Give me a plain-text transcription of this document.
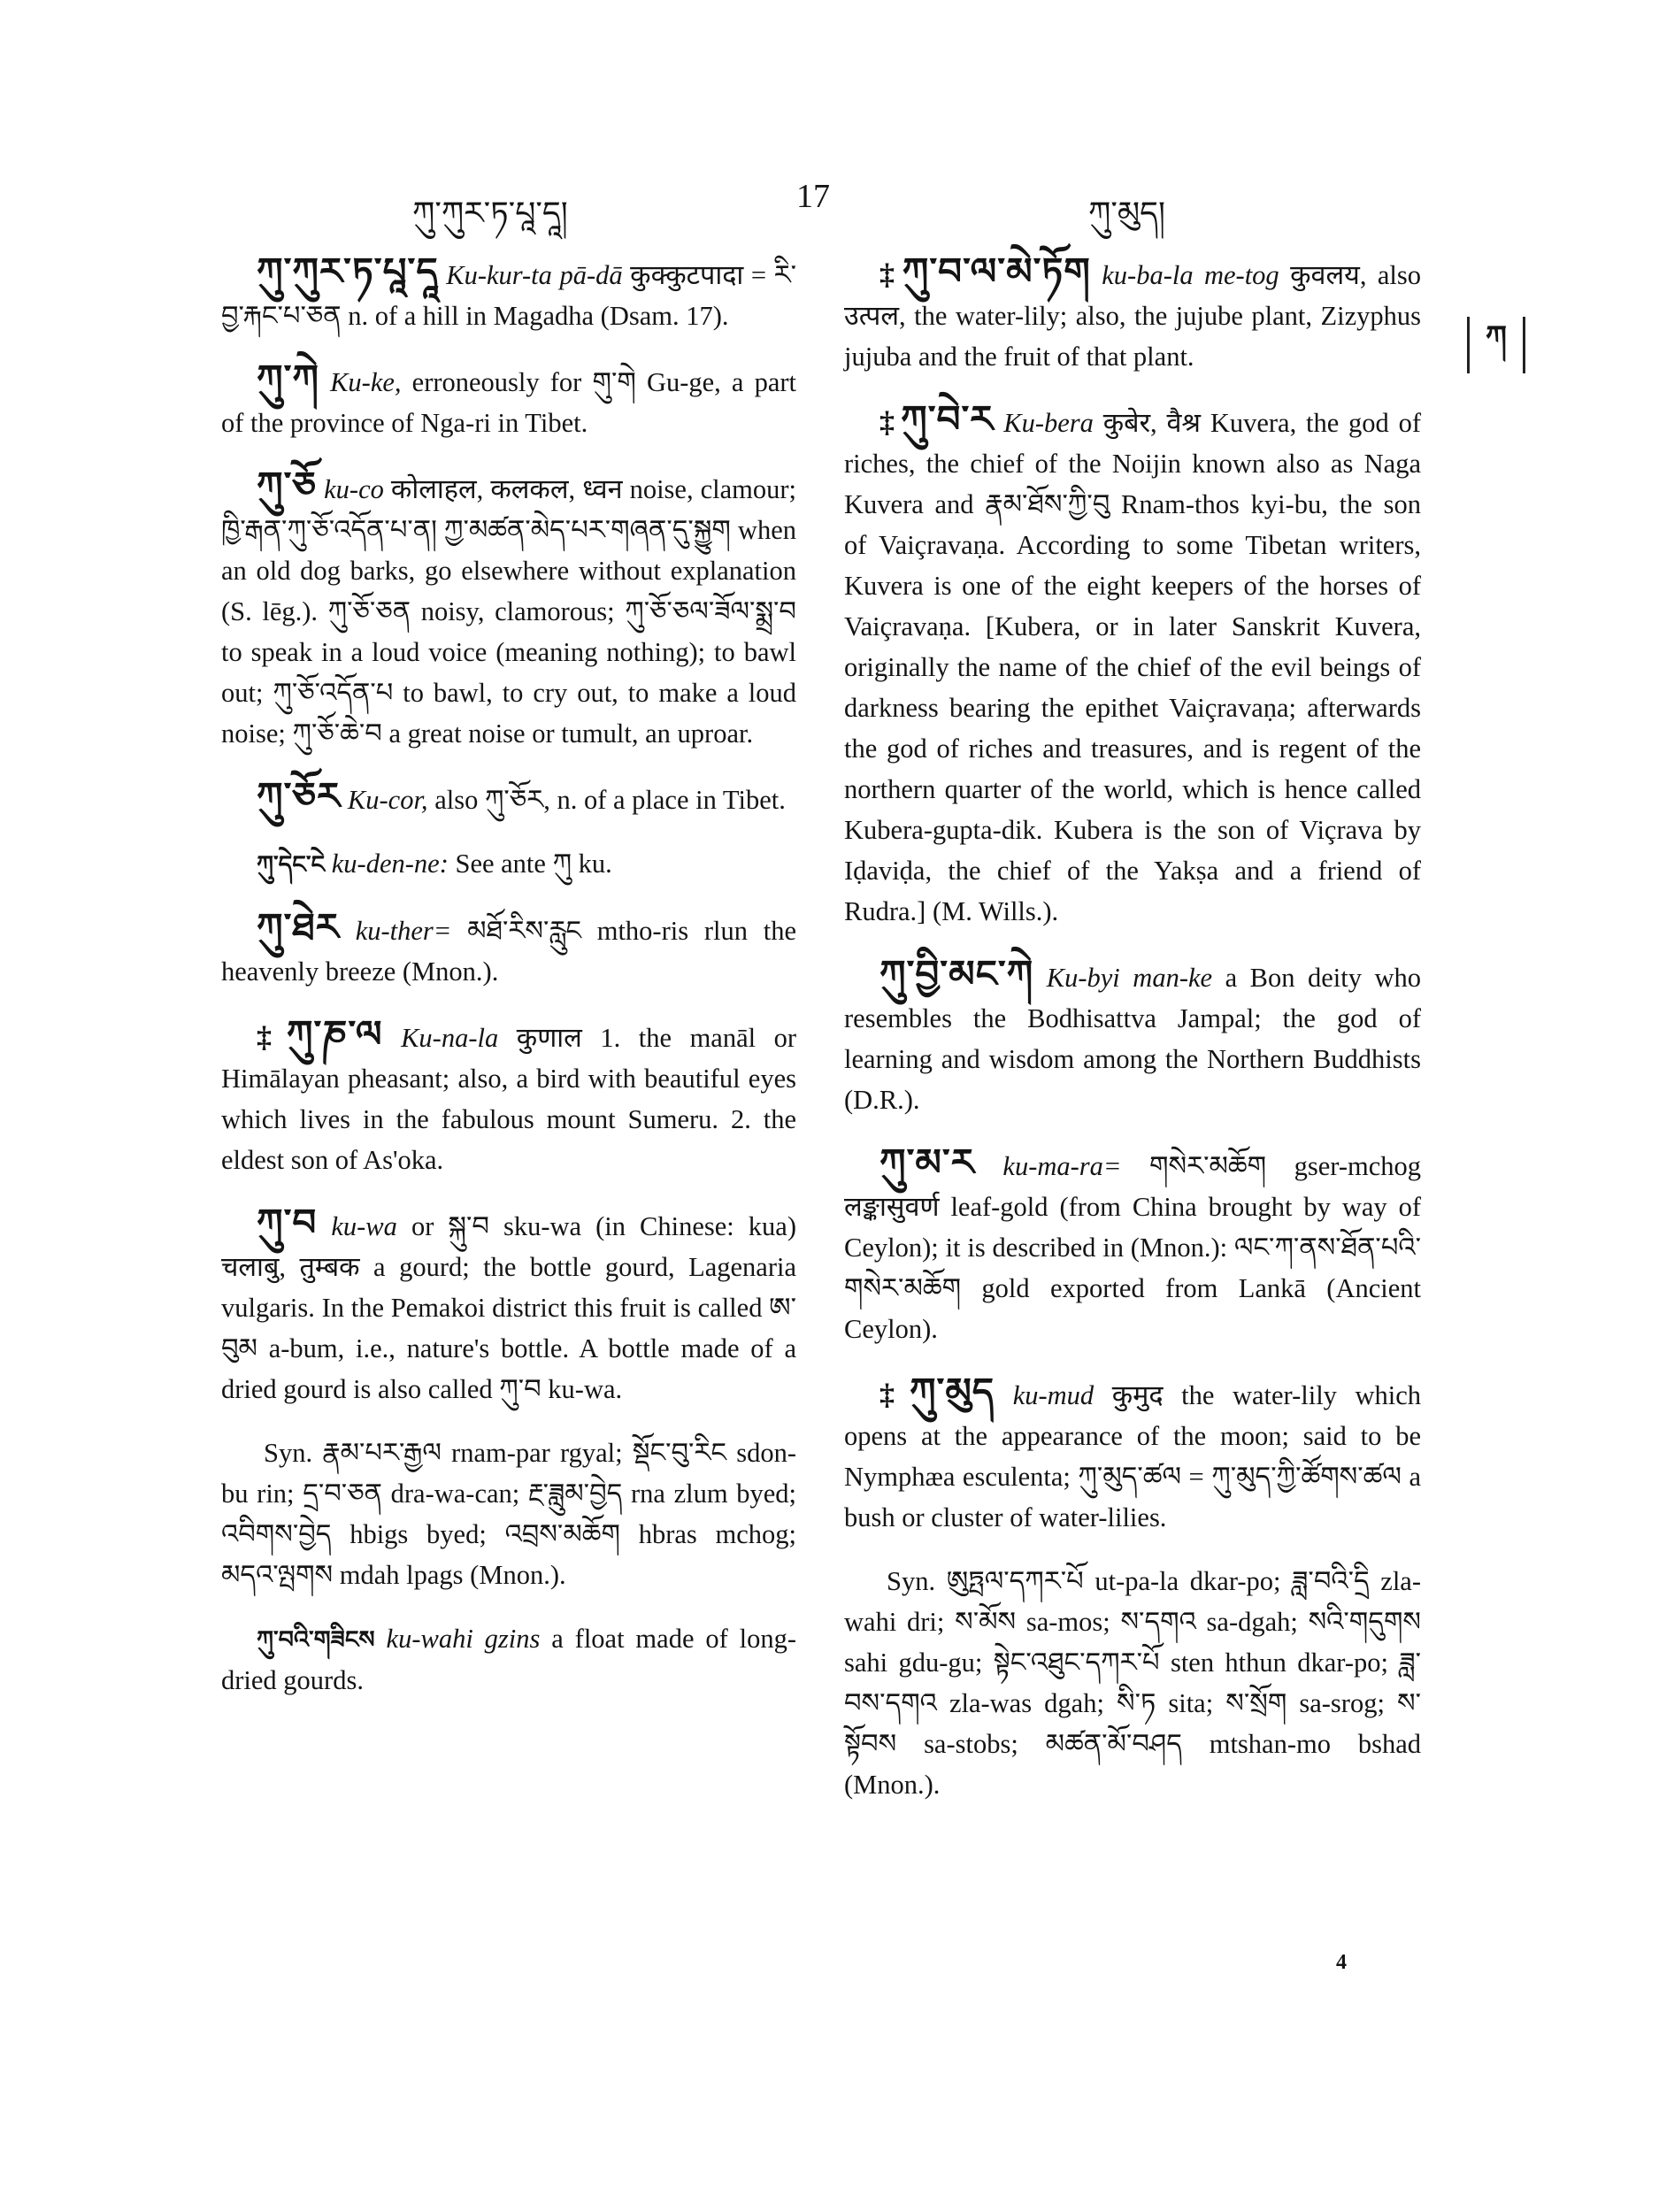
ཀུ་ཀུར་ཏ་པཱ་དཱ།	17	ཀུ་མུད།
ཀ

ཀུ་ཀུར་ཏ་པཱ་དཱ Ku-kur-ta pā-dā कुक्कुटपादा = རི་བྱ་རྐང་པ་ཅན n. of a hill in Magadha (Dsam. 17).

ཀུ་ཀེ Ku-ke, erroneously for གུ་གེ Gu-ge, a part of the province of Nga-ri in Tibet.

ཀུ་ཅོ ku-co कोलाहल, कलकल, ध्वन noise, clamour; ཁྱི་རྒན་ཀུ་ཅོ་འདོན་པ་ན། ཀྱ་མཚན་མེད་པར་གཞན་དུ་སྐྱུག when an old dog barks, go elsewhere without explanation (S. lēg.). ཀུ་ཅོ་ཅན noisy, clamorous; ཀུ་ཅོ་ཅལ་ཟོལ་སྨྲ་བ to speak in a loud voice (meaning nothing); to bawl out; ཀུ་ཅོ་འདོན་པ to bawl, to cry out, to make a loud noise; ཀུ་ཅོ་ཆེ་བ a great noise or tumult, an uproar.

ཀུ་ཅོར Ku-cor, also ཀུ་ཅོར, n. of a place in Tibet.

ཀུ་དེང་ངེ ku-den-ne: See ante ཀུ ku.

ཀུ་ཐེར ku-ther= མཐོ་རིས་རླུང mtho-ris rlun the heavenly breeze (Mnon.).

‡ཀུ་ཎ་ལ Ku-na-la कुणाल 1. the manāl or Himālayan pheasant; also, a bird with beautiful eyes which lives in the fabulous mount Sumeru. 2. the eldest son of As'oka.

ཀུ་བ ku-wa or སྐུ་བ sku-wa (in Chinese: kua) चलाबु, तुम्बक a gourd; the bottle gourd, Lagenaria vulgaris. In the Pemakoi district this fruit is called ཨ་བུམ a-bum, i.e., nature's bottle. A bottle made of a dried gourd is also called ཀུ་བ ku-wa.

Syn. རྣམ་པར་རྒྱལ rnam-par rgyal; སྡོང་བུ་རིང sdon-bu rin; དྲ་བ་ཅན dra-wa-can; རྔ་ཟླུམ་བྱེད rna zlum byed; འབིགས་བྱེད hbigs byed; འབྲས་མཆོག hbras mchog; མདའ་ལྤགས mdah lpags (Mnon.).

ཀུ་བའི་གཟིངས ku-wahi gzins a float made of long-dried gourds.

‡ཀུ་བ་ལ་མེ་ཏོག ku-ba-la me-tog कुवलय, also उत्पल, the water-lily; also, the jujube plant, Zizyphus jujuba and the fruit of that plant.

‡ཀུ་བེ་ར Ku-bera कुबेर, वैश्र Kuvera, the god of riches, the chief of the Noijin known also as Naga Kuvera and རྣམ་ཐོས་ཀྱི་བུ Rnam-thos kyi-bu, the son of Vaiçravaṇa. According to some Tibetan writers, Kuvera is one of the eight keepers of the horses of Vaiçravaṇa. [Kubera, or in later Sanskrit Kuvera, originally the name of the chief of the evil beings of darkness bearing the epithet Vaiçravaṇa; afterwards the god of riches and treasures, and is regent of the northern quarter of the world, which is hence called Kubera-gupta-dik. Kubera is the son of Viçrava by Iḍaviḍa, the chief of the Yakṣa and a friend of Rudra.] (M. Wills.).

ཀུ་བྱི་མང་ཀེ Ku-byi man-ke a Bon deity who resembles the Bodhisattva Jampal; the god of learning and wisdom among the Northern Buddhists (D.R.).

ཀུ་མ་ར ku-ma-ra= གསེར་མཆོག gser-mchog लङ्कासुवर्ण leaf-gold (from China brought by way of Ceylon); it is described in (Mnon.): ལང་ཀ་ནས་ཐོན་པའི་གསེར་མཆོག gold exported from Lankā (Ancient Ceylon).

‡ཀུ་མུད ku-mud कुमुद the water-lily which opens at the appearance of the moon; said to be Nymphæa esculenta; ཀུ་མུད་ཚལ = ཀུ་མུད་ཀྱི་ཚོགས་ཚལ a bush or cluster of water-lilies.

Syn. ཨུཏྤལ་དཀར་པོ ut-pa-la dkar-po; ཟླ་བའི་དྲི zla-wahi dri; ས་མོས sa-mos; ས་དགའ sa-dgah; སའི་གདུགས sahi gdu-gu; སྟེང་འཐུང་དཀར་པོ sten hthun dkar-po; ཟླ་བས་དགའ zla-was dgah; སི་ཏ sita; ས་སྲོག sa-srog; ས་སྟོབས sa-stobs; མཚན་མོ་བཤད mtshan-mo bshad (Mnon.).

4
